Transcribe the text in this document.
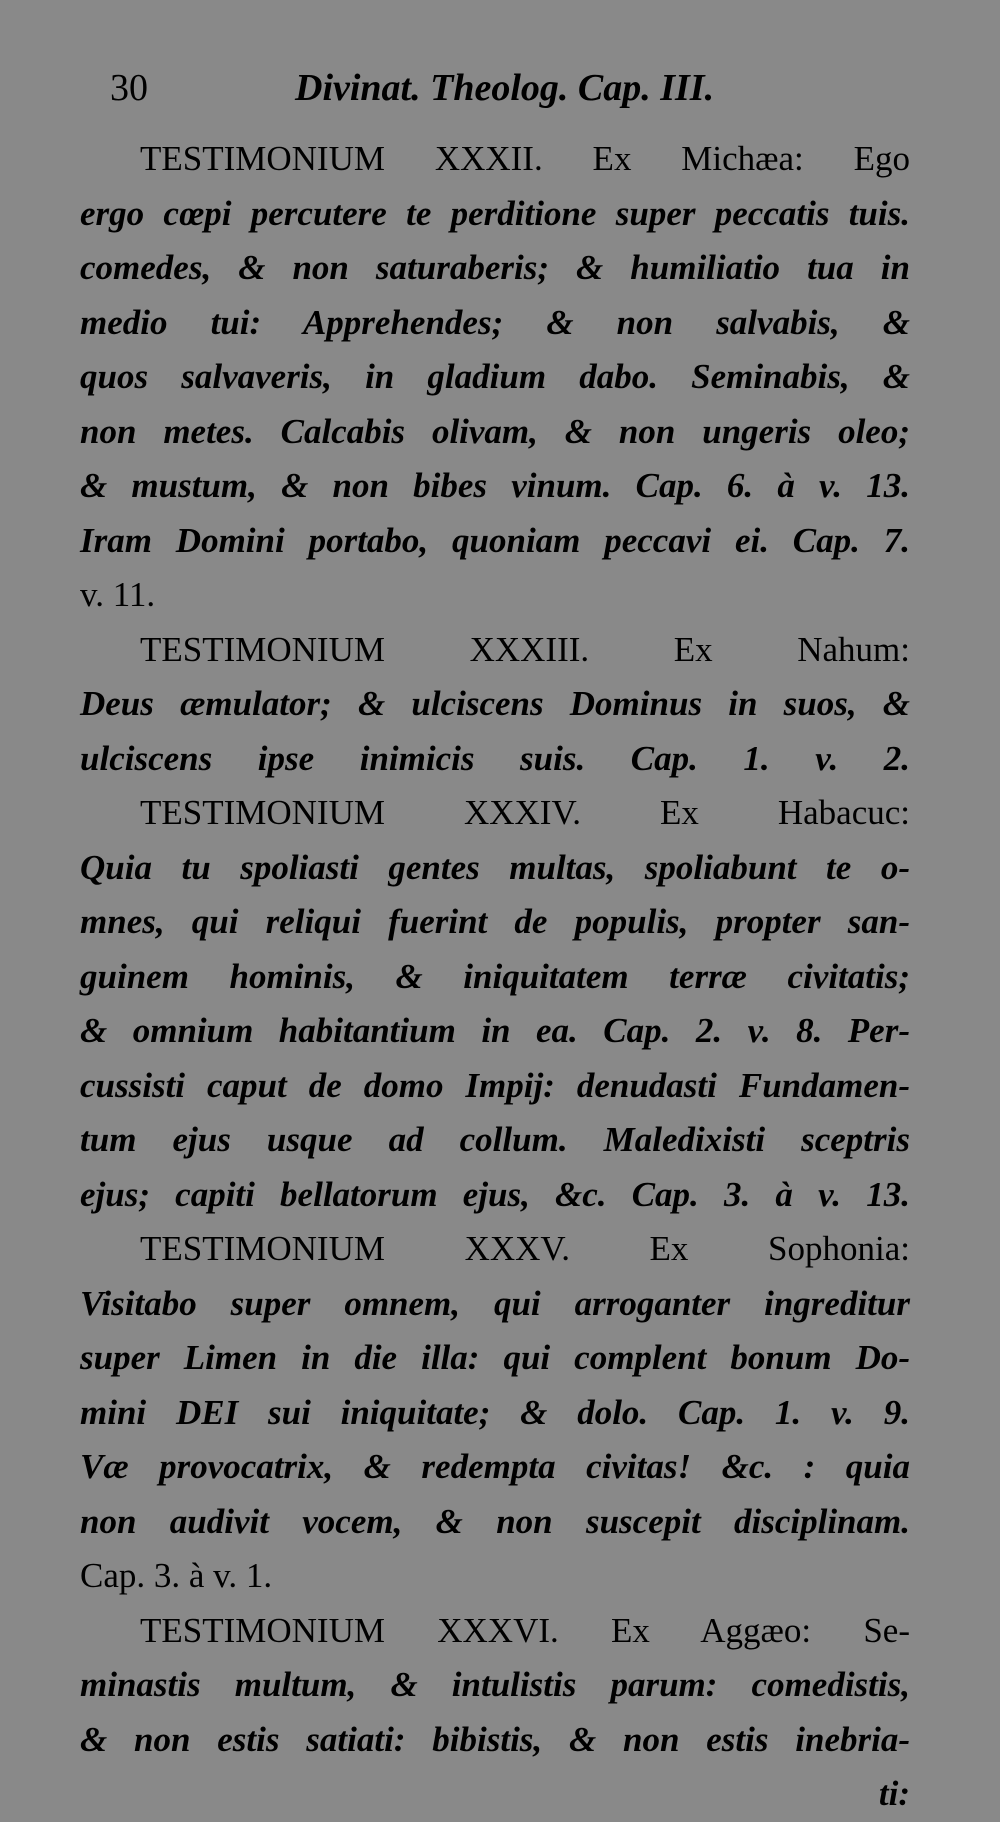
30	Divinat. Theolog. Cap. III.
TESTIMONIUM XXXII. Ex Michæa: Ego
ergo cœpi percutere te perditione super peccatis tuis.
comedes, & non saturaberis; & humiliatio tua in
medio tui: Apprehendes; & non salvabis, &
quos salvaveris, in gladium dabo. Seminabis, &
non metes. Calcabis olivam, & non ungeris oleo;
& mustum, & non bibes vinum. Cap. 6. à v. 13.
Iram Domini portabo, quoniam peccavi ei. Cap. 7.
v. 11.
TESTIMONIUM XXXIII. Ex Nahum:
Deus æmulator; & ulciscens Dominus in suos, &
ulciscens ipse inimicis suis. Cap. 1. v. 2.
TESTIMONIUM XXXIV. Ex Habacuc:
Quia tu spoliasti gentes multas, spoliabunt te o-
mnes, qui reliqui fuerint de populis, propter san-
guinem hominis, & iniquitatem terræ civitatis;
& omnium habitantium in ea. Cap. 2. v. 8. Per-
cussisti caput de domo Impij: denudasti Fundamen-
tum ejus usque ad collum. Maledixisti sceptris
ejus; capiti bellatorum ejus, &c. Cap. 3. à v. 13.
TESTIMONIUM XXXV. Ex Sophonia:
Visitabo super omnem, qui arroganter ingreditur
super Limen in die illa: qui complent bonum Do-
mini DEI sui iniquitate; & dolo. Cap. 1. v. 9.
Væ provocatrix, & redempta civitas! &c. : quia
non audivit vocem, & non suscepit disciplinam.
Cap. 3. à v. 1.
TESTIMONIUM XXXVI. Ex Aggæo: Se-
minastis multum, & intulistis parum: comedistis,
& non estis satiati: bibistis, & non estis inebria-
ti:
